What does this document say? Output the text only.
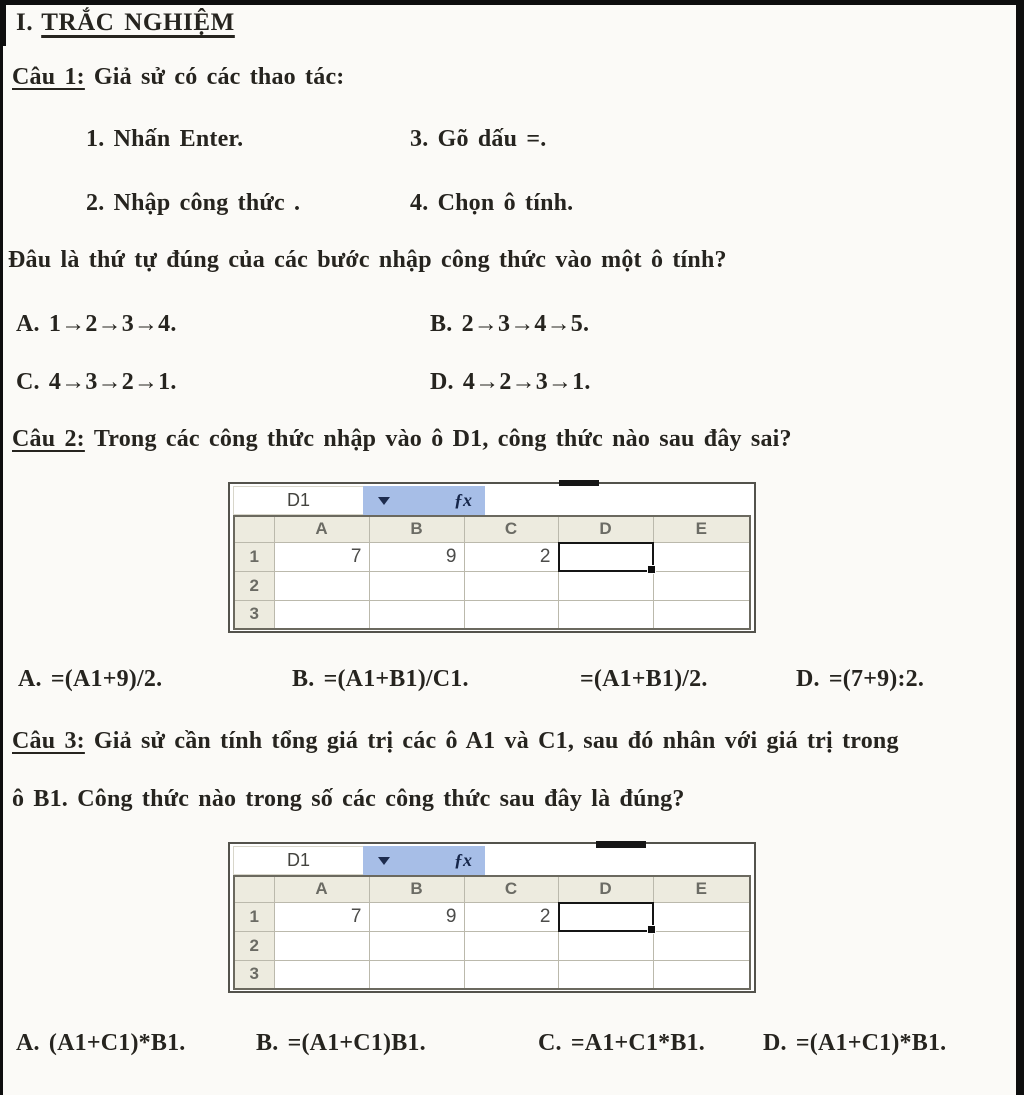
I. TRẮC NGHIỆM
Câu 1: Giả sử có các thao tác:
1. Nhấn Enter.	3. Gõ dấu =.
2. Nhập công thức .	4. Chọn ô tính.
Đâu là thứ tự đúng của các bước nhập công thức vào một ô tính?
A. 1→2→3→4.	B. 2→3→4→5.
C. 4→3→2→1.	D. 4→2→3→1.
Câu 2: Trong các công thức nhập vào ô D1, công thức nào sau đây sai?
D1	ƒx
	A	B	C	D	E
1	7	9	2	

2					
3					
A. =(A1+9)/2.	B. =(A1+B1)/C1.	=(A1+B1)/2.	D. =(7+9):2.
Câu 3: Giả sử cần tính tổng giá trị các ô A1 và C1, sau đó nhân với giá trị trong
ô B1. Công thức nào trong số các công thức sau đây là đúng?
D1	ƒx
	A	B	C	D	E
1	7	9	2	

2					
3					
A. (A1+C1)*B1.	B. =(A1+C1)B1.	C. =A1+C1*B1. D. =(A1+C1)*B1.
